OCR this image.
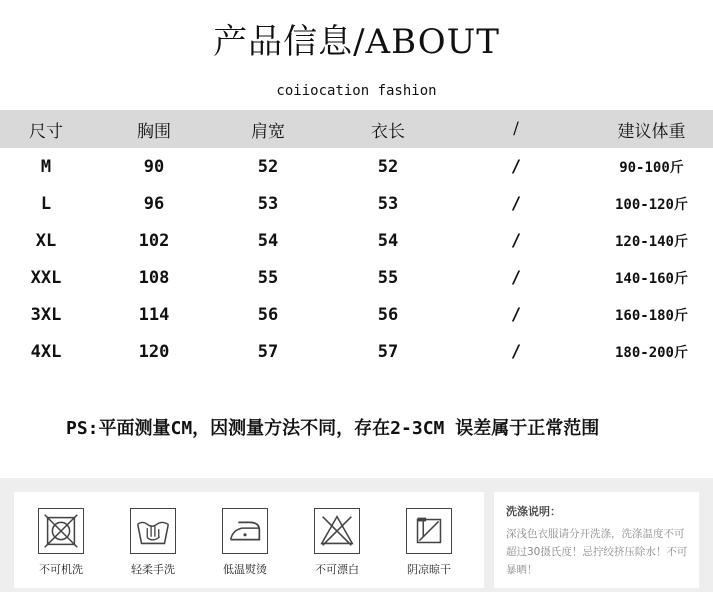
产品信息/ABOUT
coiiocation fashion
尺寸	胸围	肩宽	衣长	/	建议体重
M	90	52	52	/	90-100斤
L	96	53	53	/	100-120斤
XL	102	54	54	/	120-140斤
XXL	108	55	55	/	140-160斤
3XL	114	56	56	/	160-180斤
4XL	120	57	57	/	180-200斤
PS:平面测量CM，因测量方法不同，存在2-3CM 误差属于正常范围
不可机洗	轻柔手洗	低温熨烫	不可漂白	阴凉晾干
洗涤说明：
深浅色衣服请分开洗涤，洗涤温度不可超过30摄氏度！忌拧绞挤压除水！不可暴晒！
